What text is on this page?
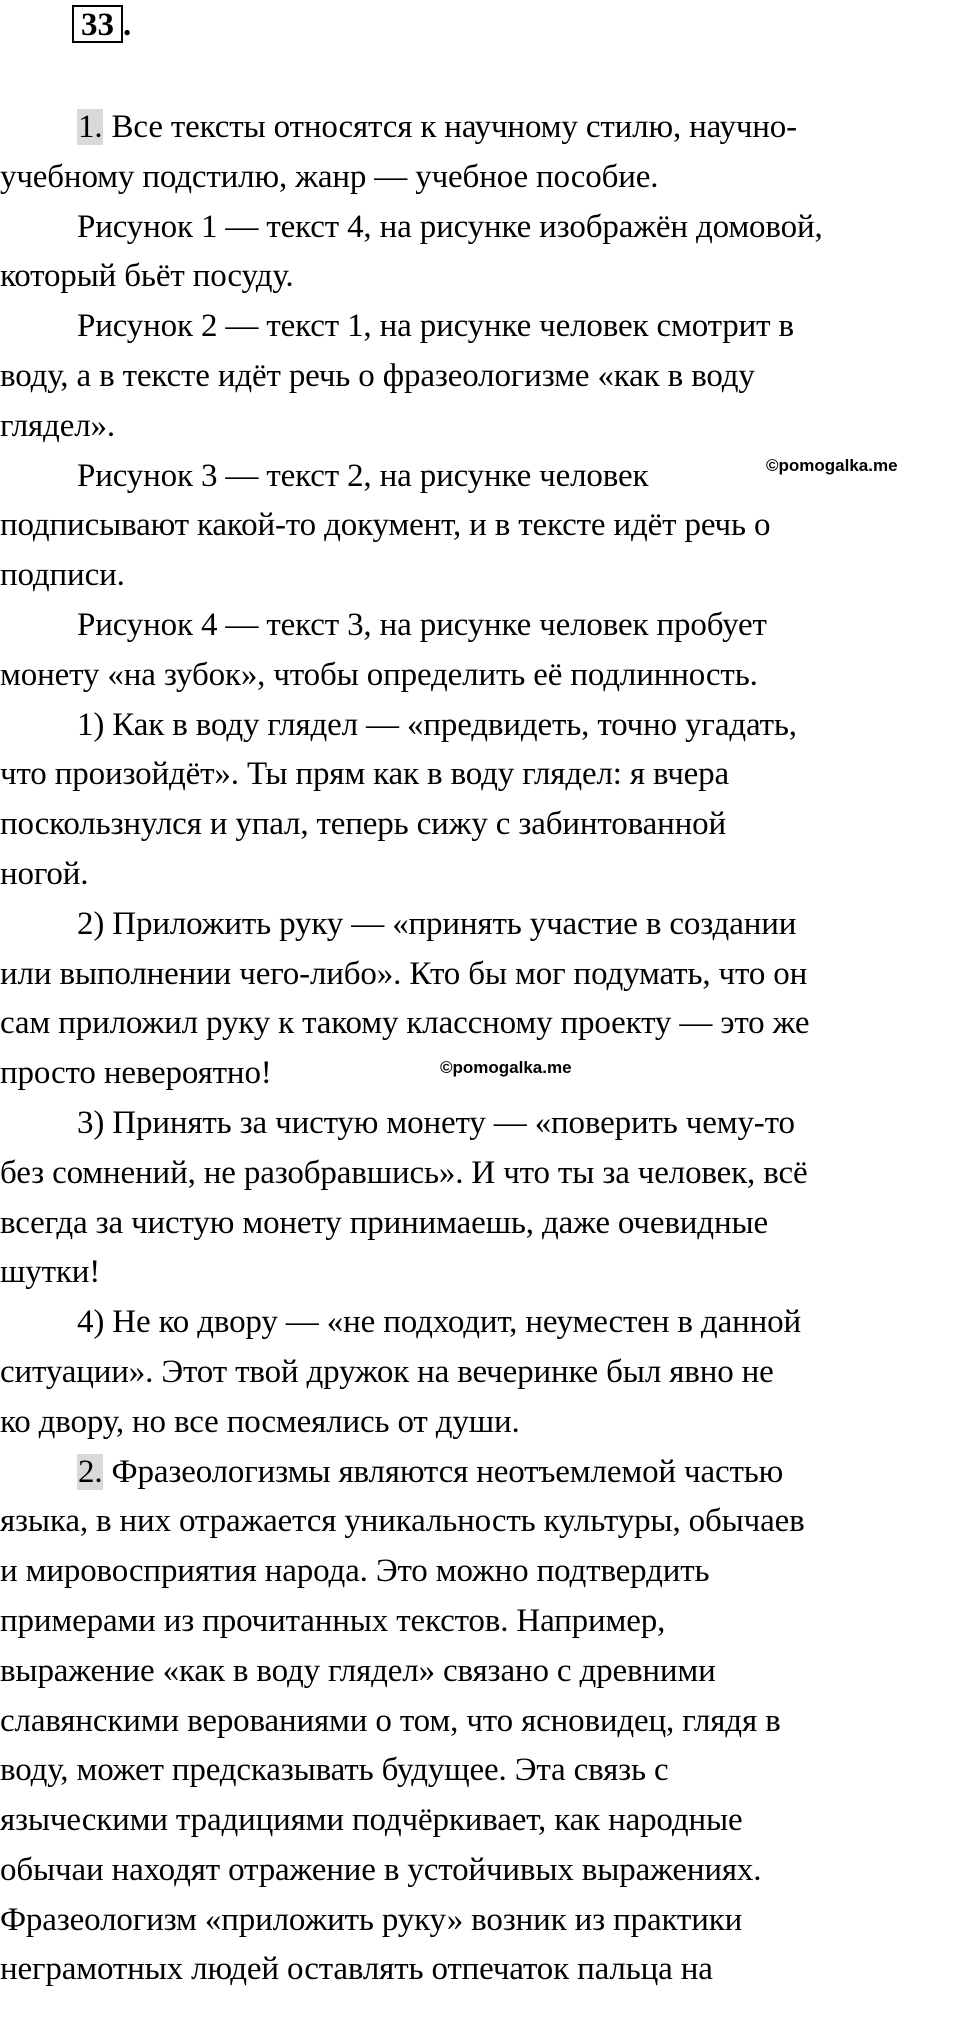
33 .
1. Все тексты относятся к научному стилю, научно-
учебному подстилю, жанр — учебное пособие.
Рисунок 1 — текст 4, на рисунке изображён домовой,
который бьёт посуду.
Рисунок 2 — текст 1, на рисунке человек смотрит в
воду, а в тексте идёт речь о фразеологизме «как в воду
глядел».
Рисунок 3 — текст 2, на рисунке человек
подписывают какой-то документ, и в тексте идёт речь о
подписи.
Рисунок 4 — текст 3, на рисунке человек пробует
монету «на зубок», чтобы определить её подлинность.
1) Как в воду глядел — «предвидеть, точно угадать,
что произойдёт». Ты прям как в воду глядел: я вчера
поскользнулся и упал, теперь сижу с забинтованной
ногой.
2) Приложить руку — «принять участие в создании
или выполнении чего-либо». Кто бы мог подумать, что он
сам приложил руку к такому классному проекту — это же
просто невероятно!
3) Принять за чистую монету — «поверить чему-то
без сомнений, не разобравшись». И что ты за человек, всё
всегда за чистую монету принимаешь, даже очевидные
шутки!
4) Не ко двору — «не подходит, неуместен в данной
ситуации». Этот твой дружок на вечеринке был явно не
ко двору, но все посмеялись от души.
2. Фразеологизмы являются неотъемлемой частью
языка, в них отражается уникальность культуры, обычаев
и мировосприятия народа. Это можно подтвердить
примерами из прочитанных текстов. Например,
выражение «как в воду глядел» связано с древними
славянскими верованиями о том, что ясновидец, глядя в
воду, может предсказывать будущее. Эта связь с
языческими традициями подчёркивает, как народные
обычаи находят отражение в устойчивых выражениях.
Фразеологизм «приложить руку» возник из практики
неграмотных людей оставлять отпечаток пальца на
©pomogalka.me
©pomogalka.me
